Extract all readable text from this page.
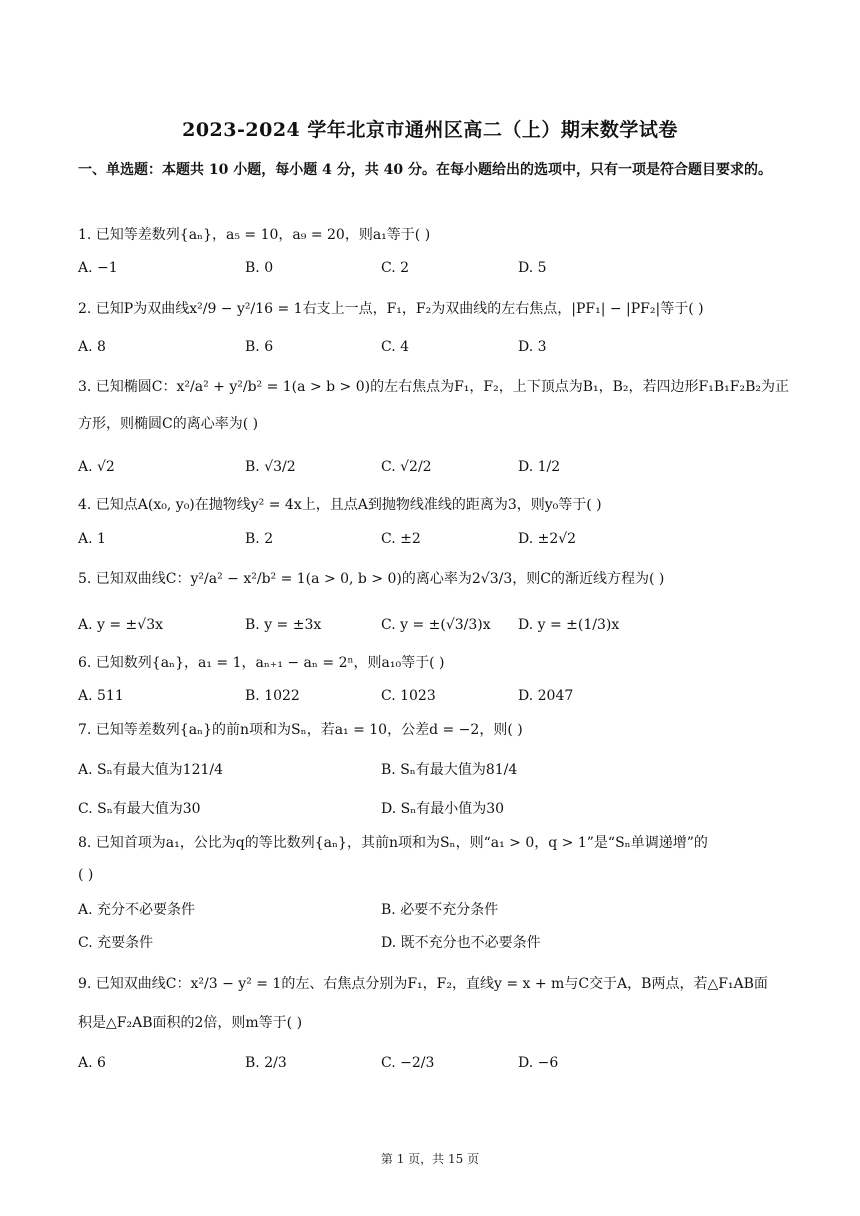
2023-2024 学年北京市通州区高二（上）期末数学试卷
一、单选题：本题共 10 小题，每小题 4 分，共 40 分。在每小题给出的选项中，只有一项是符合题目要求的。
1. 已知等差数列{aₙ}，a₅ = 10，a₉ = 20，则a₁等于( )
A. −1	B. 0	C. 2	D. 5
2. 已知P为双曲线x²/9 − y²/16 = 1右支上一点，F₁，F₂为双曲线的左右焦点，|PF₁| − |PF₂|等于( )
A. 8	B. 6	C. 4	D. 3
3. 已知椭圆C：x²/a² + y²/b² = 1(a > b > 0)的左右焦点为F₁，F₂，上下顶点为B₁，B₂，若四边形F₁B₁F₂B₂为正
方形，则椭圆C的离心率为( )
A. √2	B. √3/2	C. √2/2	D. 1/2
4. 已知点A(x₀, y₀)在抛物线y² = 4x上，且点A到抛物线准线的距离为3，则y₀等于( )
A. 1	B. 2	C. ±2	D. ±2√2
5. 已知双曲线C：y²/a² − x²/b² = 1(a > 0, b > 0)的离心率为2√3/3，则C的渐近线方程为( )
A. y = ±√3x	B. y = ±3x	C. y = ±(√3/3)x D. y = ±(1/3)x
6. 已知数列{aₙ}，a₁ = 1，aₙ₊₁ − aₙ = 2ⁿ，则a₁₀等于( )
A. 511	B. 1022	C. 1023	D. 2047
7. 已知等差数列{aₙ}的前n项和为Sₙ，若a₁ = 10，公差d = −2，则( )
A. Sₙ有最大值为121/4	B. Sₙ有最大值为81/4
C. Sₙ有最大值为30	D. Sₙ有最小值为30
8. 已知首项为a₁，公比为q的等比数列{aₙ}，其前n项和为Sₙ，则“a₁ > 0，q > 1”是“Sₙ单调递增”的
( )
A. 充分不必要条件	B. 必要不充分条件
C. 充要条件	D. 既不充分也不必要条件
9. 已知双曲线C：x²/3 − y² = 1的左、右焦点分别为F₁，F₂，直线y = x + m与C交于A，B两点，若△F₁AB面
积是△F₂AB面积的2倍，则m等于( )
A. 6	B. 2/3	C. −2/3	D. −6
第 1 页，共 15 页
